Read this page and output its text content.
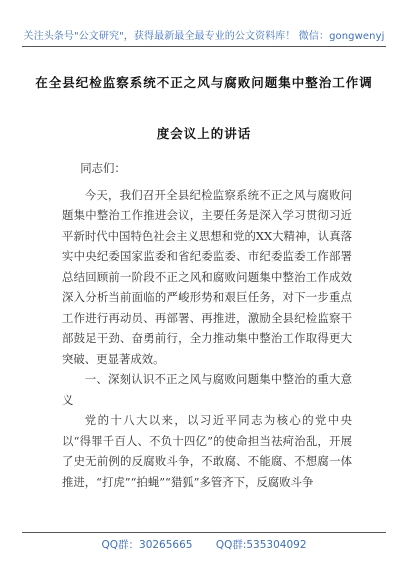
关注头条号"公文研究"，获得最新最全最专业的公文资料库！ 微信：gongwenyj
在全县纪检监察系统不正之风与腐败问题集中整治工作调
度会议上的讲话

同志们：

今天，我们召开全县纪检监察系统不正之风与腐败问题集中整治工作推进会议，主要任务是深入学习贯彻习近平新时代中国特色社会主义思想和党的XX大精神，认真落实中央纪委国家监委和省纪委监委、市纪委监委工作部署总结回顾前一阶段不正之风和腐败问题集中整治工作成效深入分析当前面临的严峻形势和艰巨任务，对下一步重点工作进行再动员、再部署、再推进，激励全县纪检监察干部鼓足干劲、奋勇前行，全力推动集中整治工作取得更大突破、更显著成效。

一、深刻认识不正之风与腐败问题集中整治的重大意义

党的十八大以来，以习近平同志为核心的党中央以“得罪千百人、不负十四亿”的使命担当祛疴治乱，开展了史无前例的反腐败斗争，不敢腐、不能腐、不想腐一体推进，“打虎”“拍蝇”“猎狐”多管齐下，反腐败斗争

QQ群：30265665 QQ群:535304092
